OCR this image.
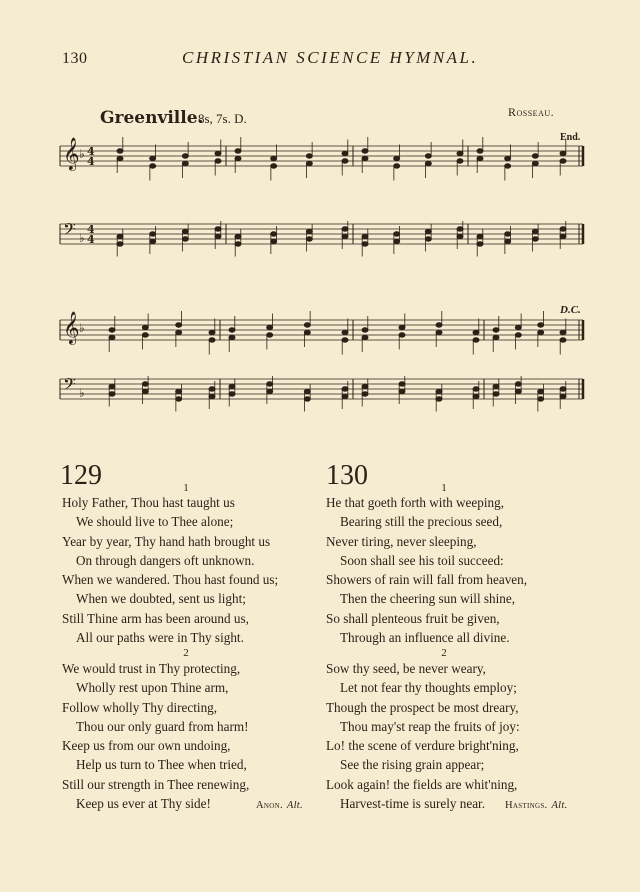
130	CHRISTIAN SCIENCE HYMNAL.
Greenville.
8s, 7s. D.	Rosseau.
𝄞 ♭ 4
4
𝄢 ♭
4
4
𝄞 ♭
𝄢 ♭
End.
D.C.
129	1
Holy Father, Thou hast taught us
We should live to Thee alone;
Year by year, Thy hand hath brought us
On through dangers oft unknown.
When we wandered. Thou hast found us;
When we doubted, sent us light;
Still Thine arm has been around us,
All our paths were in Thy sight.
2
We would trust in Thy protecting,
Wholly rest upon Thine arm,
Follow wholly Thy directing,
Thou our only guard from harm!
Keep us from our own undoing,
Help us turn to Thee when tried,
Still our strength in Thee renewing,
Keep us ever at Thy side!	Anon. Alt.
130	1
He that goeth forth with weeping,
Bearing still the precious seed,
Never tiring, never sleeping,
Soon shall see his toil succeed:
Showers of rain will fall from heaven,
Then the cheering sun will shine,
So shall plenteous fruit be given,
Through an influence all divine.
2
Sow thy seed, be never weary,
Let not fear thy thoughts employ;
Though the prospect be most dreary,
Thou may'st reap the fruits of joy:
Lo! the scene of verdure bright'ning,
See the rising grain appear;
Look again! the fields are whit'ning,
Harvest-time is surely near.	Hastings. Alt.
